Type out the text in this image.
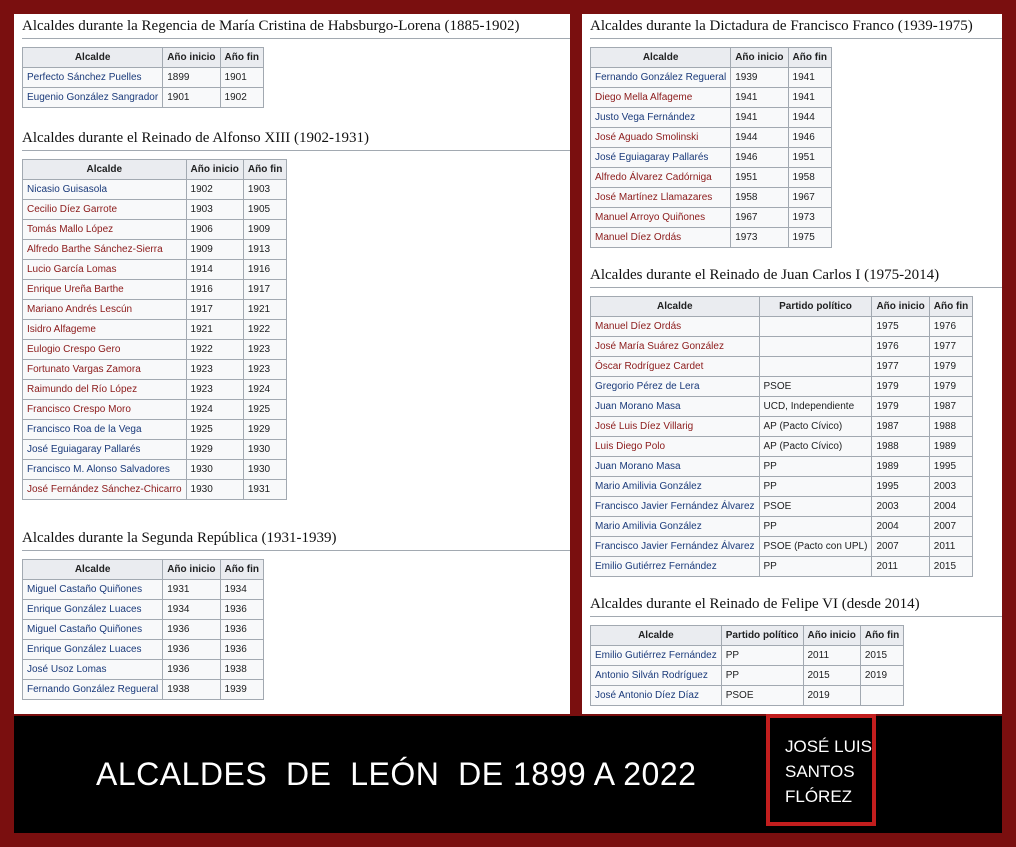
Alcaldes durante la Regencia de María Cristina de Habsburgo-Lorena (1885-1902)
Alcalde	Año inicio	Año fin
Perfecto Sánchez Puelles	1899	1901
Eugenio González Sangrador	1901	1902
Alcaldes durante el Reinado de Alfonso XIII (1902-1931)
Alcalde	Año inicio	Año fin
Nicasio Guisasola	1902	1903
Cecilio Díez Garrote	1903	1905
Tomás Mallo López	1906	1909
Alfredo Barthe Sánchez-Sierra	1909	1913
Lucio García Lomas	1914	1916
Enrique Ureña Barthe	1916	1917
Mariano Andrés Lescún	1917	1921
Isidro Alfageme	1921	1922
Eulogio Crespo Gero	1922	1923
Fortunato Vargas Zamora	1923	1923
Raimundo del Río López	1923	1924
Francisco Crespo Moro	1924	1925
Francisco Roa de la Vega	1925	1929
José Eguiagaray Pallarés	1929	1930
Francisco M. Alonso Salvadores	1930	1930
José Fernández Sánchez-Chicarro	1930	1931
Alcaldes durante la Segunda República (1931-1939)
Alcalde	Año inicio	Año fin
Miguel Castaño Quiñones	1931	1934
Enrique González Luaces	1934	1936
Miguel Castaño Quiñones	1936	1936
Enrique González Luaces	1936	1936
José Usoz Lomas	1936	1938
Fernando González Regueral	1938	1939
Alcaldes durante la Dictadura de Francisco Franco (1939-1975)
Alcalde	Año inicio	Año fin
Fernando González Regueral	1939	1941
Diego Mella Alfageme	1941	1941
Justo Vega Fernández	1941	1944
José Aguado Smolinski	1944	1946
José Eguiagaray Pallarés	1946	1951
Alfredo Álvarez Cadórniga	1951	1958
José Martínez Llamazares	1958	1967
Manuel Arroyo Quiñones	1967	1973
Manuel Díez Ordás	1973	1975
Alcaldes durante el Reinado de Juan Carlos I (1975-2014)
Alcalde	Partido político	Año inicio	Año fin
Manuel Díez Ordás		1975	1976
José María Suárez González		1976	1977
Óscar Rodríguez Cardet		1977	1979
Gregorio Pérez de Lera	PSOE	1979	1979
Juan Morano Masa	UCD, Independiente	1979	1987
José Luis Díez Villarig	AP (Pacto Cívico)	1987	1988
Luis Diego Polo	AP (Pacto Cívico)	1988	1989
Juan Morano Masa	PP	1989	1995
Mario Amilivia González	PP	1995	2003
Francisco Javier Fernández Álvarez	PSOE	2003	2004
Mario Amilivia González	PP	2004	2007
Francisco Javier Fernández Álvarez	PSOE (Pacto con UPL)	2007	2011
Emilio Gutiérrez Fernández	PP	2011	2015
Alcaldes durante el Reinado de Felipe VI (desde 2014)
Alcalde	Partido político	Año inicio	Año fin
Emilio Gutiérrez Fernández	PP	2011	2015
Antonio Silván Rodríguez	PP	2015	2019
José Antonio Díez Díaz	PSOE	2019	
ALCALDES  DE  LEÓN  DE 1899 A 2022
JOSÉ LUIS
SANTOS
FLÓREZ
